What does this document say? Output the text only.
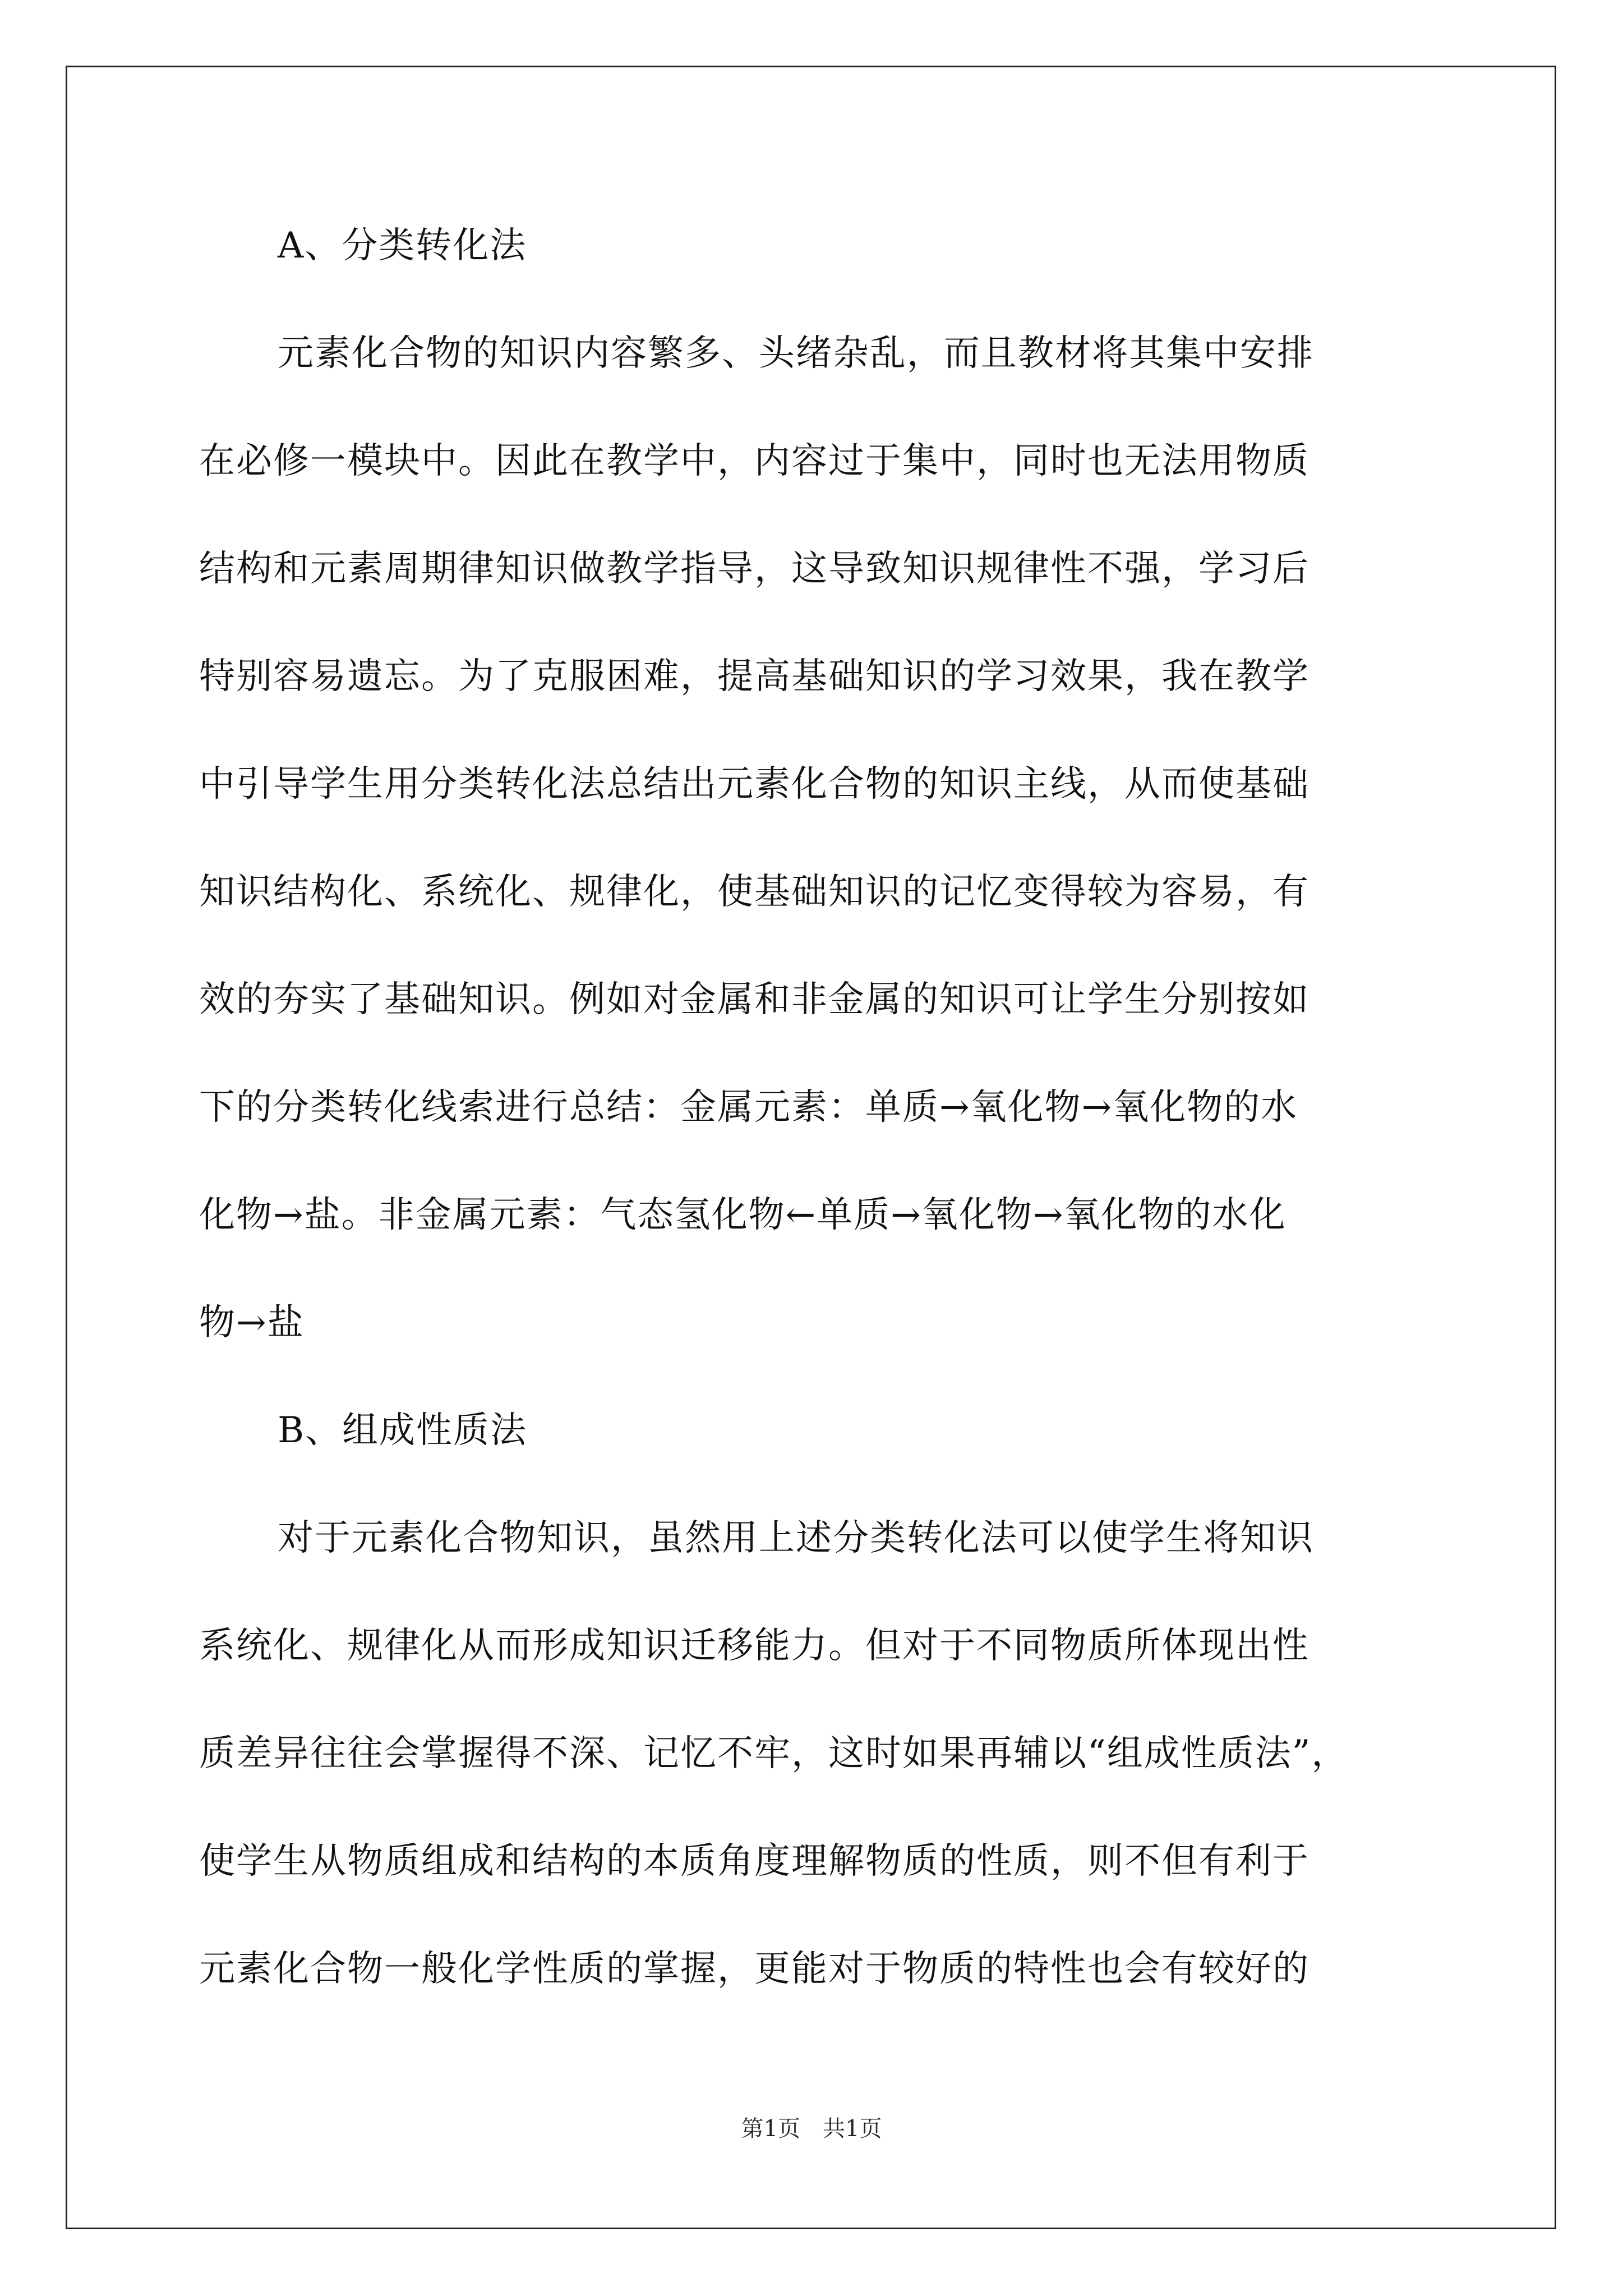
A、分类转化法
元素化合物的知识内容繁多、头绪杂乱，而且教材将其集中安排
在必修一模块中。因此在教学中，内容过于集中，同时也无法用物质
结构和元素周期律知识做教学指导，这导致知识规律性不强，学习后
特别容易遗忘。为了克服困难，提高基础知识的学习效果，我在教学
中引导学生用分类转化法总结出元素化合物的知识主线，从而使基础
知识结构化、系统化、规律化，使基础知识的记忆变得较为容易，有
效的夯实了基础知识。例如对金属和非金属的知识可让学生分别按如
下的分类转化线索进行总结：金属元素：单质→氧化物→氧化物的水
化物→盐。非金属元素：气态氢化物←单质→氧化物→氧化物的水化
物→盐
B、组成性质法
对于元素化合物知识，虽然用上述分类转化法可以使学生将知识
系统化、规律化从而形成知识迁移能力。但对于不同物质所体现出性
质差异往往会掌握得不深、记忆不牢，这时如果再辅以“组成性质法”，
使学生从物质组成和结构的本质角度理解物质的性质，则不但有利于
元素化合物一般化学性质的掌握，更能对于物质的特性也会有较好的
第1页　共1页
